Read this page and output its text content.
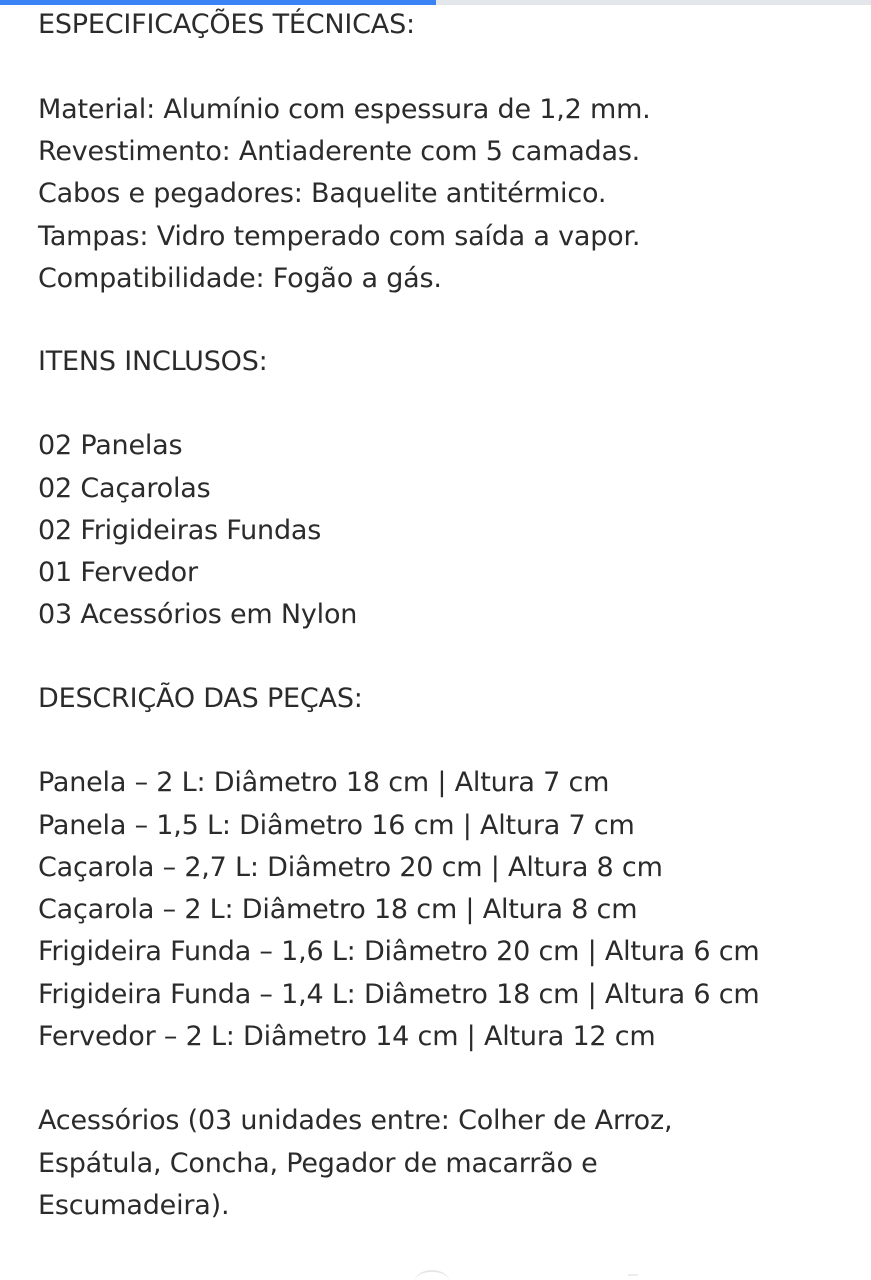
ESPECIFICAÇÕES TÉCNICAS:
Material: Alumínio com espessura de 1,2 mm.
Revestimento: Antiaderente com 5 camadas.
Cabos e pegadores: Baquelite antitérmico.
Tampas: Vidro temperado com saída a vapor.
Compatibilidade: Fogão a gás.
ITENS INCLUSOS:
02 Panelas
02 Caçarolas
02 Frigideiras Fundas
01 Fervedor
03 Acessórios em Nylon
DESCRIÇÃO DAS PEÇAS:
Panela – 2 L: Diâmetro 18 cm | Altura 7 cm
Panela – 1,5 L: Diâmetro 16 cm | Altura 7 cm
Caçarola – 2,7 L: Diâmetro 20 cm | Altura 8 cm
Caçarola – 2 L: Diâmetro 18 cm | Altura 8 cm
Frigideira Funda – 1,6 L: Diâmetro 20 cm | Altura 6 cm
Frigideira Funda – 1,4 L: Diâmetro 18 cm | Altura 6 cm
Fervedor – 2 L: Diâmetro 14 cm | Altura 12 cm
Acessórios (03 unidades entre: Colher de Arroz,
Espátula, Concha, Pegador de macarrão e
Escumadeira).
